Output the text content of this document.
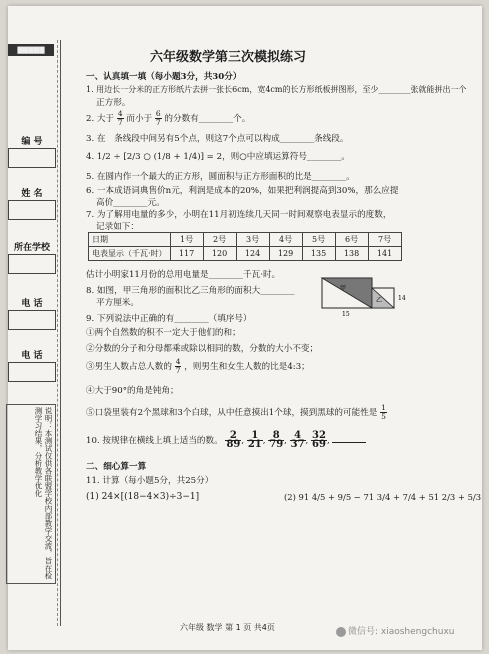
▇▇▇▇▇
编 号
姓 名
所在学校
电 话
电 话
说明：本测试仅供各联盟学校内部教学交流，旨在检测学习结果，分析教学优化
六年级数学第三次模拟练习
一、认真填一填（每小题3分，共30分）
1. 用边长一分米的正方形纸片去拼一张长6cm，宽4cm的长方形纸板拼图形，至少________张就能拼出一个
正方形。
2. 大于 $\frac{4}{7}$ 而小于 $\frac{6}{7}$ 的分数有________个。
3. 在　条线段中间另有5个点，则这7个点可以构成________条线段。
4. 1/2 ÷ [2/3 ○ (1/8 + 1/4)] = 2，则○中应填运算符号________。
5. 在圆内作一个最大的正方形，圆面积与正方形面积的比是________。
6. 一本成语词典售价n元，利润是成本的20%，如果把利润提高到30%，那么应提
高价________元。
7. 为了解用电量的多少，小明在11月初连续几天同一时间观察电表显示的度数，
记录如下：
日期	1号	2号	3号	4号	5号	6号	7号
电表显示（千瓦·时）	117	120	124	129	135	138	141
估计小明家11月份的总用电量是________千瓦·时。
8. 如图，甲三角形的面积比乙三角形的面积大________
平方厘米。
甲
乙	14
15
9. 下列说法中正确的有________（填序号）
①两个自然数的积不一定大于他们的和；
②分数的分子和分母都乘或除以相同的数，分数的大小不变；
③男生人数占总人数的 $\frac{4}{7}$ ，则男生和女生人数的比是4:3；
④大于90°的角是钝角；
⑤口袋里装有2个黑球和3个白球，从中任意摸出1个球，摸到黑球的可能性是 $\frac{1}{5}$
10. 按规律在横线上填上适当的数。 $\frac{2}{89}$ , $\frac{1}{21}$ , $\frac{8}{79}$ , $\frac{4}{37}$ , $\frac{32}{69}$ ,
二、细心算一算
11. 计算（每小题5分，共25分）
(1) 24×[(18−4×3)÷3−1]	(2) 91 4/5 + 9/5 − 71 3/4 + 7/4 + 51 2/3 + 5/3
六年级 数学 第 1 页 共4页	微信号: xiaoshengchuxu
